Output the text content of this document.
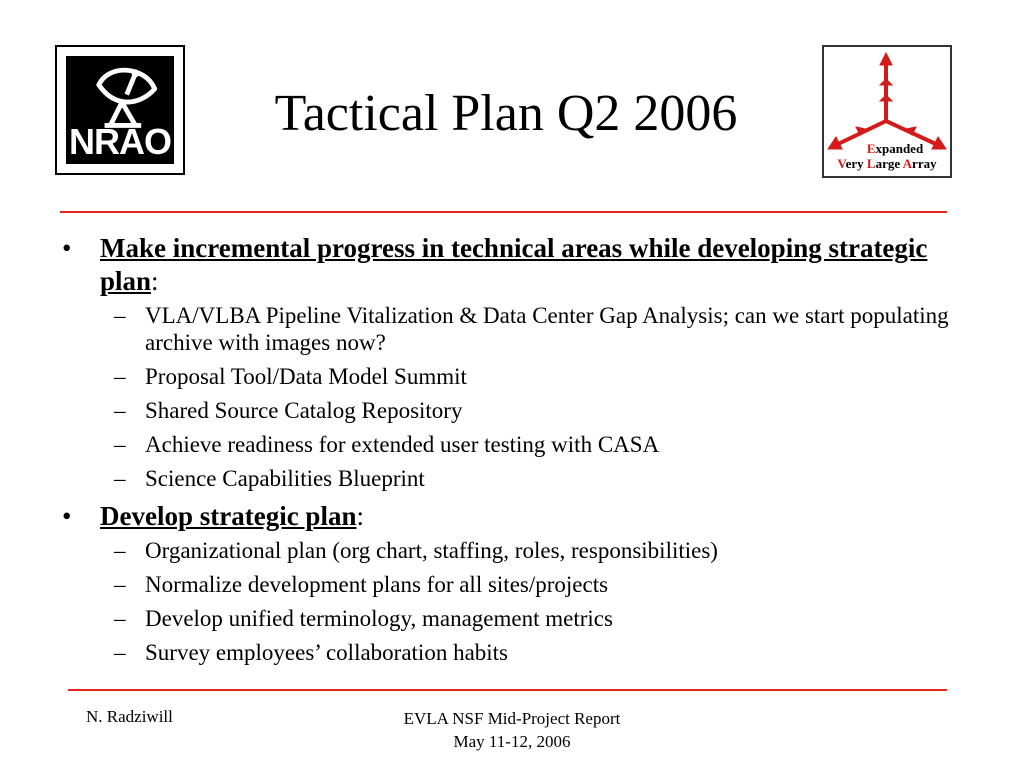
NRAO	Tactical Plan Q2 2006
Expanded
Very Large Array

• Make incremental progress in technical areas while developing strategic plan:

– VLA/VLBA Pipeline Vitalization & Data Center Gap Analysis; can we start populating archive with images now?
– Proposal Tool/Data Model Summit
– Shared Source Catalog Repository
– Achieve readiness for extended user testing with CASA
– Science Capabilities Blueprint

• Develop strategic plan:

– Organizational plan (org chart, staffing, roles, responsibilities)
– Normalize development plans for all sites/projects
– Develop unified terminology, management metrics
– Survey employees’ collaboration habits
N. Radziwill	EVLA NSF Mid-Project Report
May 11-12, 2006
